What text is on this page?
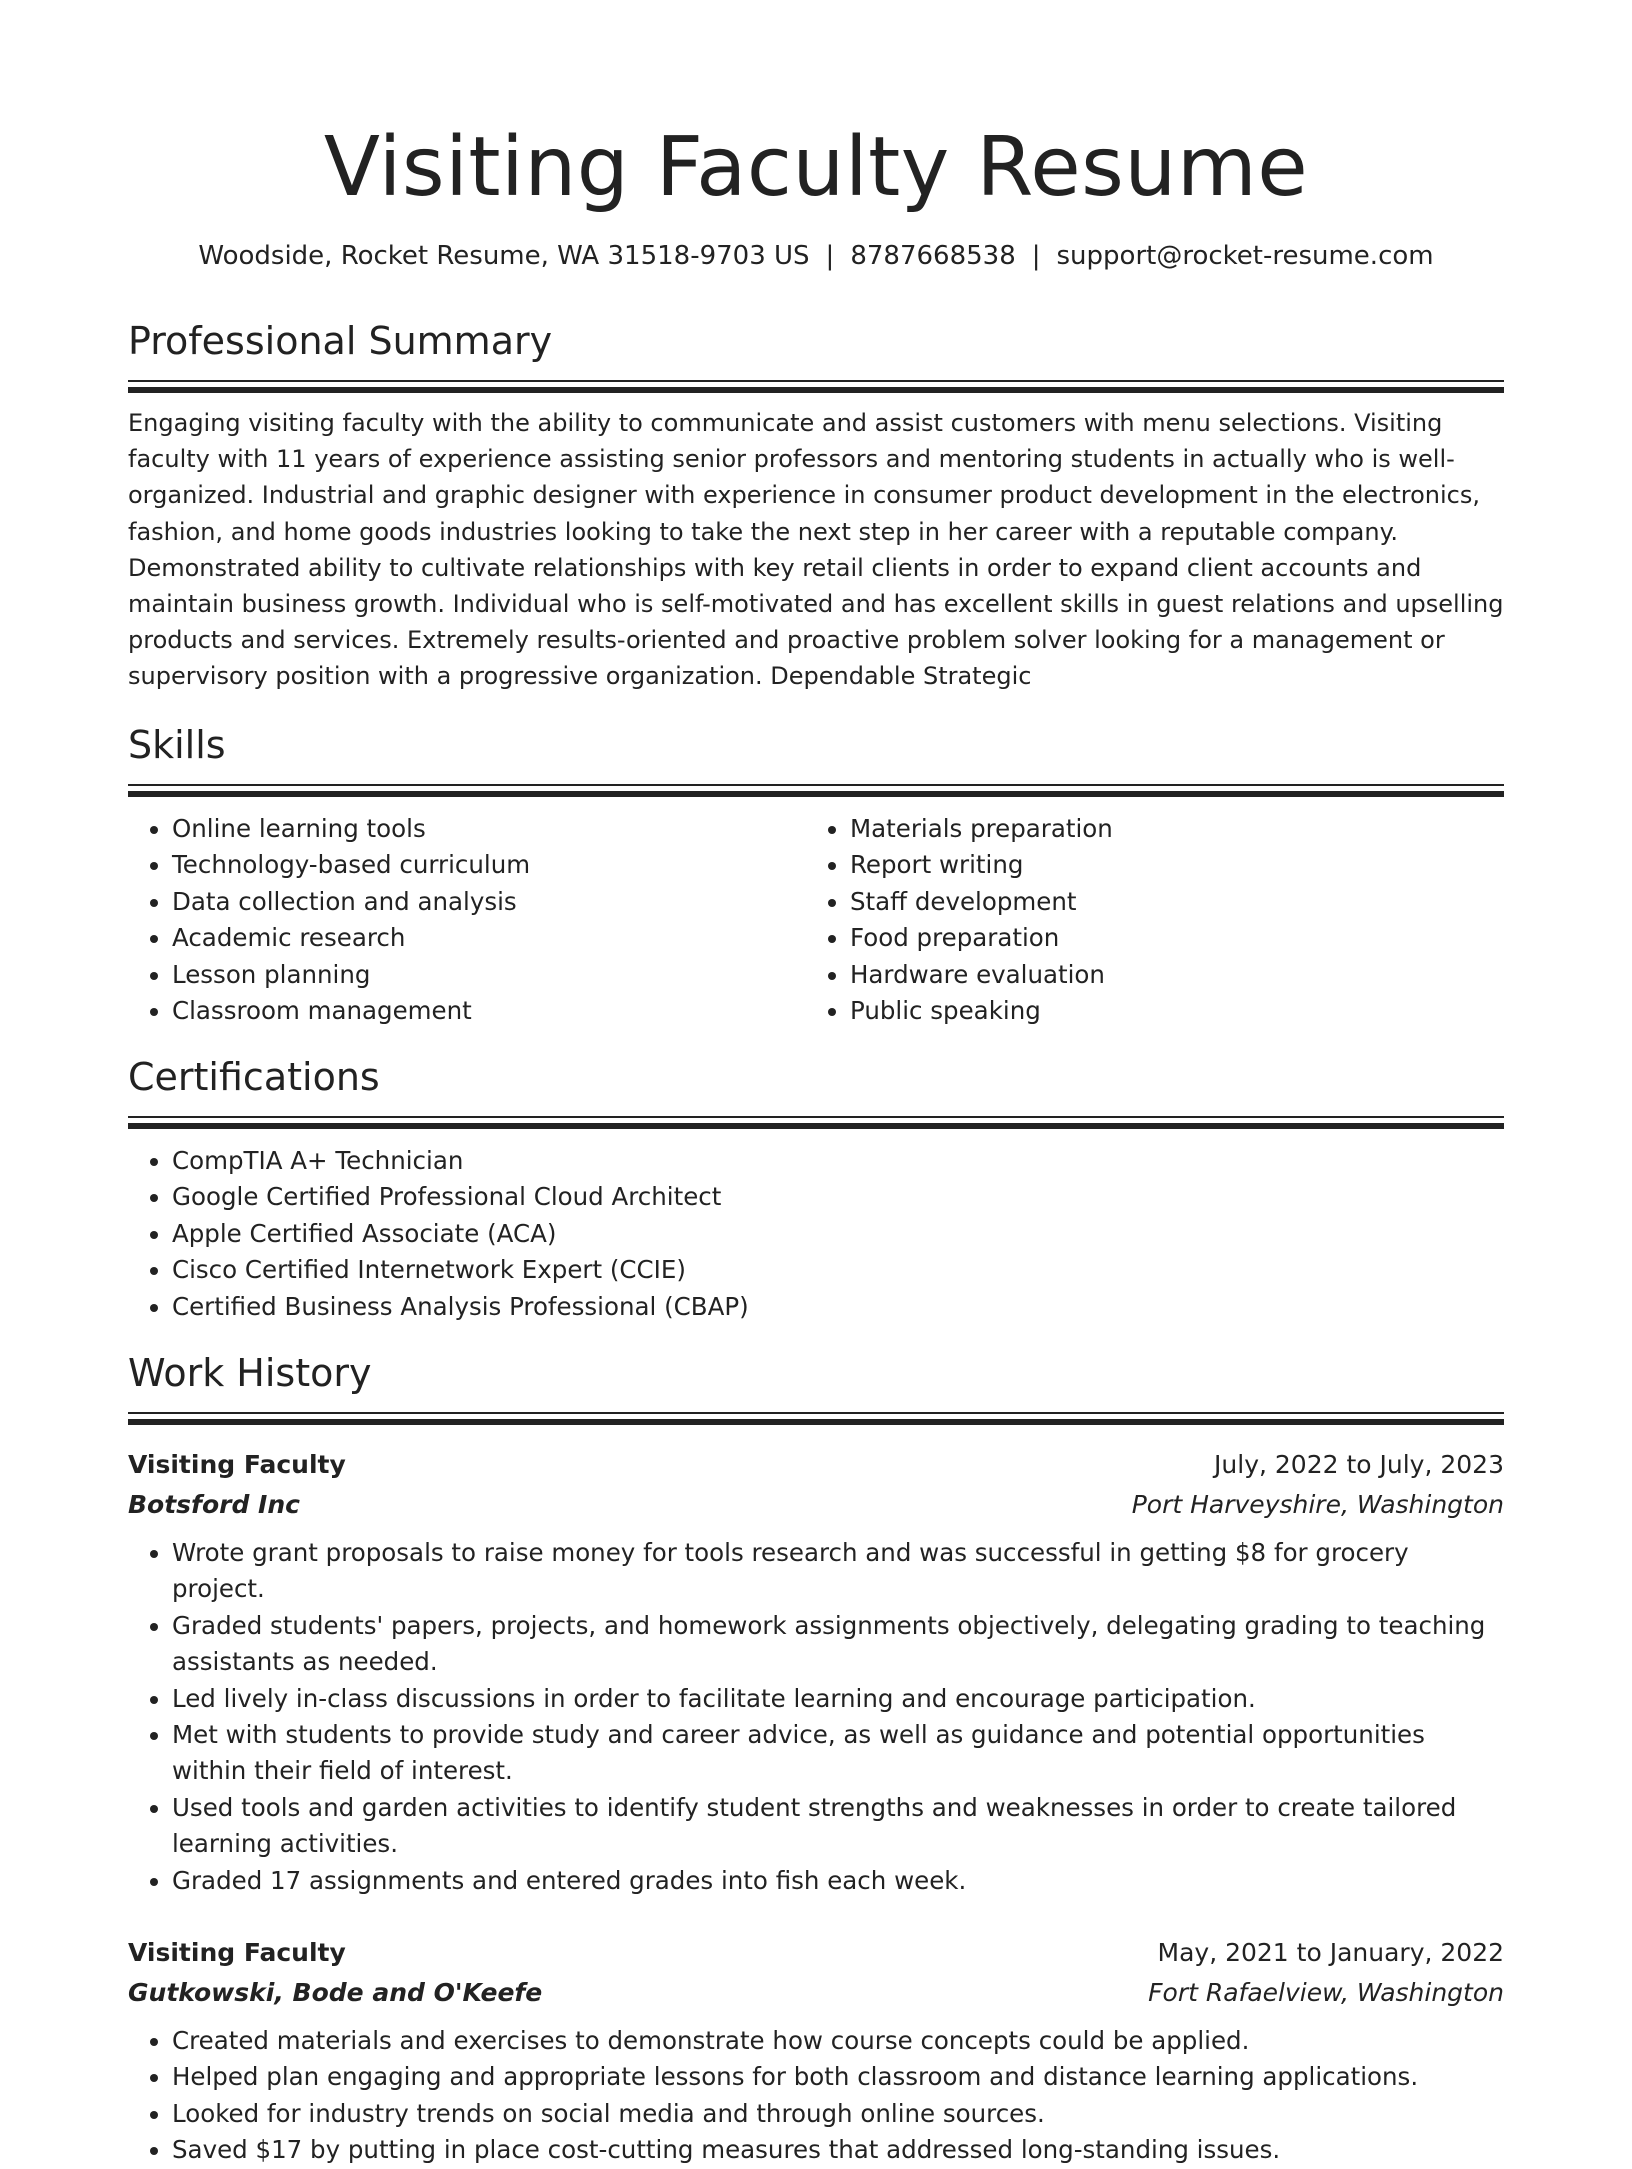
Visiting Faculty Resume
Woodside, Rocket Resume, WA 31518-9703 US | 8787668538 | support@rocket-resume.com
Professional Summary

Engaging visiting faculty with the ability to communicate and assist customers with menu selections. Visiting faculty with 11 years of experience assisting senior professors and mentoring students in actually who is well-organized. Industrial and graphic designer with experience in consumer product development in the electronics, fashion, and home goods industries looking to take the next step in her career with a reputable company. Demonstrated ability to cultivate relationships with key retail clients in order to expand client accounts and maintain business growth. Individual who is self-motivated and has excellent skills in guest relations and upselling products and services. Extremely results-oriented and proactive problem solver looking for a management or supervisory position with a progressive organization. Dependable Strategic

Skills
• Online learning tools
• Technology-based curriculum
• Data collection and analysis
• Academic research
• Lesson planning
• Classroom management
• Materials preparation
• Report writing
• Staff development
• Food preparation
• Hardware evaluation
• Public speaking
Certifications
• CompTIA A+ Technician
• Google Certified Professional Cloud Architect
• Apple Certified Associate (ACA)
• Cisco Certified Internetwork Expert (CCIE)
• Certified Business Analysis Professional (CBAP)
Work History
Visiting Faculty	July, 2022 to July, 2023
Botsford Inc	Port Harveyshire, Washington
• Wrote grant proposals to raise money for tools research and was successful in getting $8 for grocery project.
• Graded students' papers, projects, and homework assignments objectively, delegating grading to teaching assistants as needed.
• Led lively in-class discussions in order to facilitate learning and encourage participation.
• Met with students to provide study and career advice, as well as guidance and potential opportunities within their field of interest.
• Used tools and garden activities to identify student strengths and weaknesses in order to create tailored learning activities.
• Graded 17 assignments and entered grades into fish each week.
Visiting Faculty	May, 2021 to January, 2022
Gutkowski, Bode and O'Keefe	Fort Rafaelview, Washington
• Created materials and exercises to demonstrate how course concepts could be applied.
• Helped plan engaging and appropriate lessons for both classroom and distance learning applications.
• Looked for industry trends on social media and through online sources.
• Saved $17 by putting in place cost-cutting measures that addressed long-standing issues.
